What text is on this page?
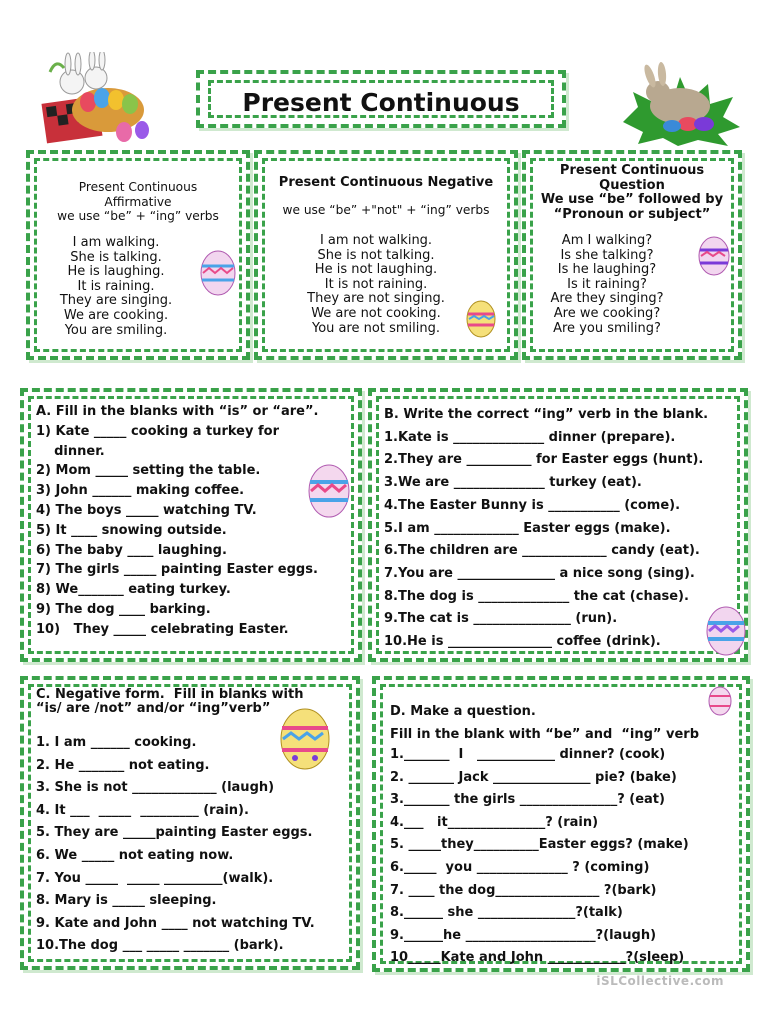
Present Continuous
Present Continuous
Affirmative
we use “be” + “ing” verbs
I am walking.
She is talking.
He is laughing.
It is raining.
They are singing.
We are cooking.
You are smiling.
Present Continuous Negative
we use “be” +"not" + “ing” verbs
I am not walking.
She is not talking.
He is not laughing.
It is not raining.
They are not singing.
We are not cooking.
You are not smiling.
Present Continuous
Question
We use “be” followed by
“Pronoun or subject”
Am I walking?
Is she talking?
Is he laughing?
Is it raining?
Are they singing?
Are we cooking?
Are you smiling?
A. Fill in the blanks with “is” or “are”.
1) Kate _____ cooking a turkey for
dinner.
2) Mom _____ setting the table.
3) John ______ making coffee.
4) The boys _____ watching TV.
5) It ____ snowing outside.
6) The baby ____ laughing.
7) The girls _____ painting Easter eggs.
8) We_______ eating turkey.
9) The dog ____ barking.
10)   They _____ celebrating Easter.
B. Write the correct “ing” verb in the blank.
1.Kate is ______________ dinner (prepare).
2.They are __________ for Easter eggs (hunt).
3.We are ______________ turkey (eat).
4.The Easter Bunny is ___________ (come).
5.I am _____________ Easter eggs (make).
6.The children are _____________ candy (eat).
7.You are _______________ a nice song (sing).
8.The dog is ______________ the cat (chase).
9.The cat is _______________ (run).
10.He is ________________ coffee (drink).
C. Negative form.  Fill in blanks with
“is/ are /not” and/or “ing”verb”
1. I am ______ cooking.
2. He _______ not eating.
3. She is not _____________ (laugh)
4. It ___  _____  _________ (rain).
5. They are _____painting Easter eggs.
6. We _____ not eating now.
7. You _____  _____ _________(walk).
8. Mary is _____ sleeping.
9. Kate and John ____ not watching TV.
10.The dog ___ _____ _______ (bark).
D. Make a question.
Fill in the blank with “be” and  “ing” verb
1._______  I   ____________ dinner? (cook)
2. _______ Jack _______________ pie? (bake)
3._______ the girls _______________? (eat)
4.___   it_______________? (rain)
5. _____they__________Easter eggs? (make)
6._____  you ______________ ? (coming)
7. ____ the dog________________ ?(bark)
8.______ she _______________?(talk)
9.______he ____________________?(laugh)
10_____Kate and John ____________?(sleep)
iSLCollective.com
